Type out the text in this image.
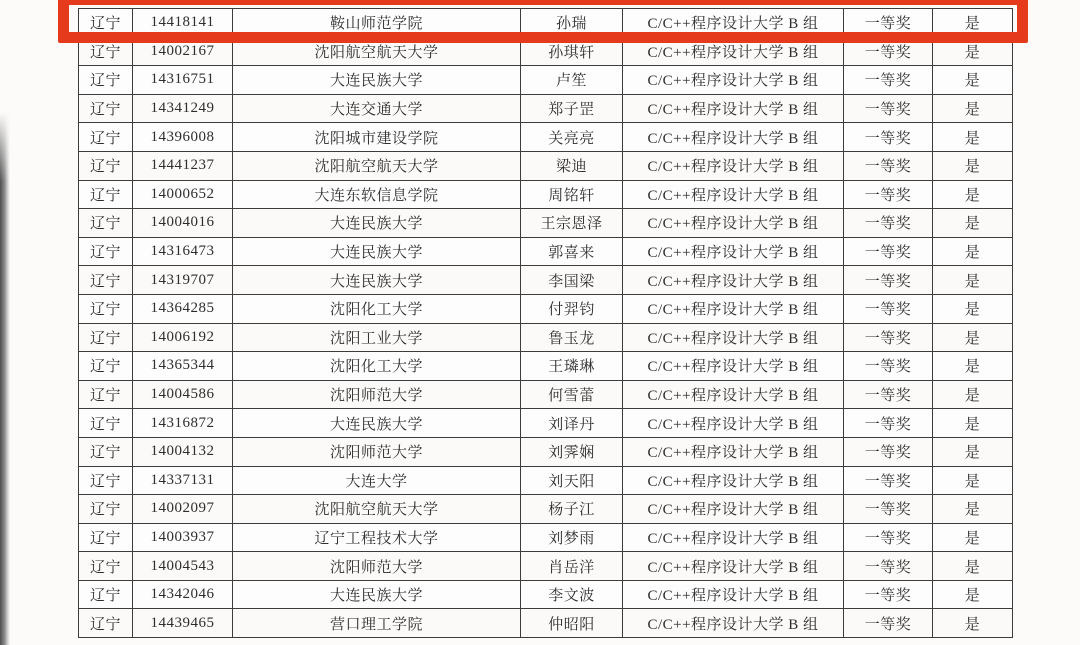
辽宁	14418141	鞍山师范学院	孙瑞	C/C++程序设计大学 B 组	一等奖	是
辽宁	14002167	沈阳航空航天大学	孙琪轩	C/C++程序设计大学 B 组	一等奖	是
辽宁	14316751	大连民族大学	卢笙	C/C++程序设计大学 B 组	一等奖	是
辽宁	14341249	大连交通大学	郑子罡	C/C++程序设计大学 B 组	一等奖	是
辽宁	14396008	沈阳城市建设学院	关亮亮	C/C++程序设计大学 B 组	一等奖	是
辽宁	14441237	沈阳航空航天大学	梁迪	C/C++程序设计大学 B 组	一等奖	是
辽宁	14000652	大连东软信息学院	周铭轩	C/C++程序设计大学 B 组	一等奖	是
辽宁	14004016	大连民族大学	王宗恩泽	C/C++程序设计大学 B 组	一等奖	是
辽宁	14316473	大连民族大学	郭喜来	C/C++程序设计大学 B 组	一等奖	是
辽宁	14319707	大连民族大学	李国梁	C/C++程序设计大学 B 组	一等奖	是
辽宁	14364285	沈阳化工大学	付羿钧	C/C++程序设计大学 B 组	一等奖	是
辽宁	14006192	沈阳工业大学	鲁玉龙	C/C++程序设计大学 B 组	一等奖	是
辽宁	14365344	沈阳化工大学	王璘琳	C/C++程序设计大学 B 组	一等奖	是
辽宁	14004586	沈阳师范大学	何雪蕾	C/C++程序设计大学 B 组	一等奖	是
辽宁	14316872	大连民族大学	刘译丹	C/C++程序设计大学 B 组	一等奖	是
辽宁	14004132	沈阳师范大学	刘霁娴	C/C++程序设计大学 B 组	一等奖	是
辽宁	14337131	大连大学	刘天阳	C/C++程序设计大学 B 组	一等奖	是
辽宁	14002097	沈阳航空航天大学	杨子江	C/C++程序设计大学 B 组	一等奖	是
辽宁	14003937	辽宁工程技术大学	刘梦雨	C/C++程序设计大学 B 组	一等奖	是
辽宁	14004543	沈阳师范大学	肖岳洋	C/C++程序设计大学 B 组	一等奖	是
辽宁	14342046	大连民族大学	李文波	C/C++程序设计大学 B 组	一等奖	是
辽宁	14439465	营口理工学院	仲昭阳	C/C++程序设计大学 B 组	一等奖	是
